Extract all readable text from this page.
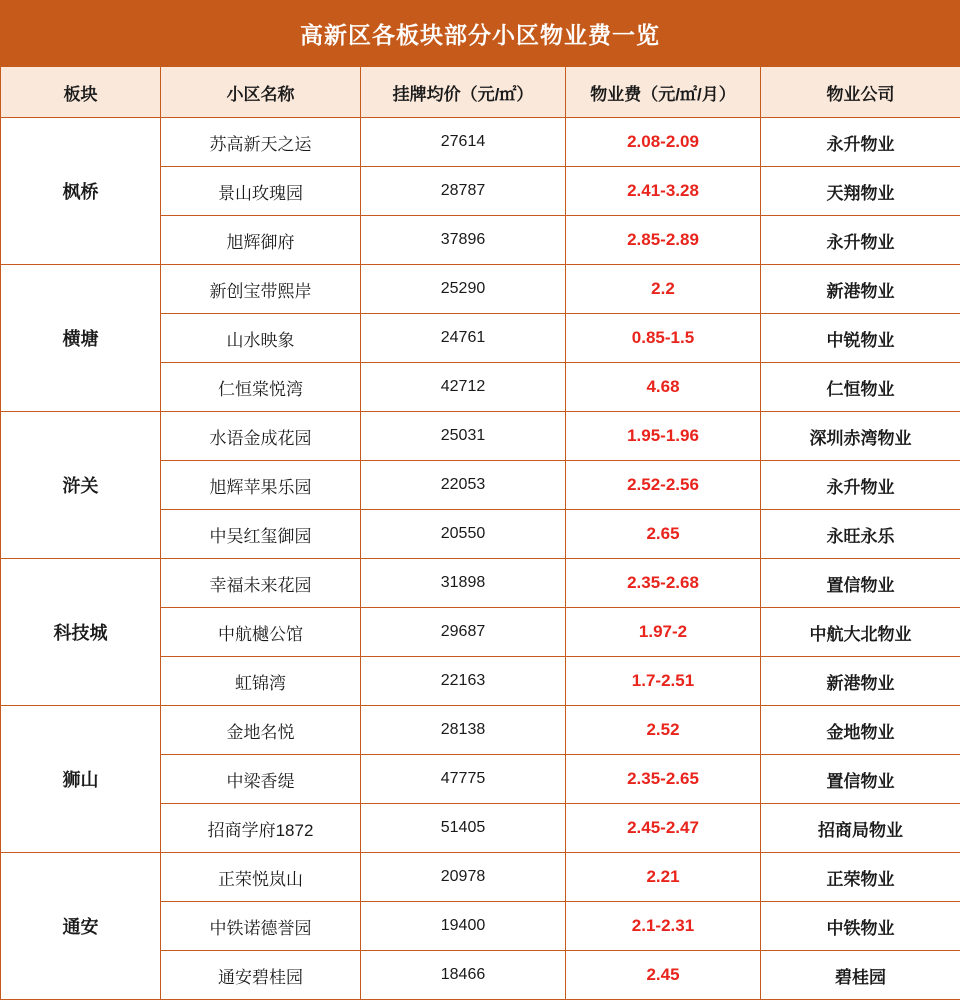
高新区各板块部分小区物业费一览
板块	小区名称	挂牌均价（元/㎡）	物业费（元/㎡/月）	物业公司
枫桥	苏高新天之运	27614	2.08-2.09	永升物业
	景山玫瑰园	28787	2.41-3.28	天翔物业
	旭辉御府	37896	2.85-2.89	永升物业
横塘	新创宝带熙岸	25290	2.2	新港物业
	山水映象	24761	0.85-1.5	中锐物业
	仁恒棠悦湾	42712	4.68	仁恒物业
浒关	水语金成花园	25031	1.95-1.96	深圳赤湾物业
	旭辉苹果乐园	22053	2.52-2.56	永升物业
	中吴红玺御园	20550	2.65	永旺永乐
科技城	幸福未来花园	31898	2.35-2.68	置信物业
	中航樾公馆	29687	1.97-2	中航大北物业
	虹锦湾	22163	1.7-2.51	新港物业
狮山	金地名悦	28138	2.52	金地物业
	中梁香缇	47775	2.35-2.65	置信物业
	招商学府1872	51405	2.45-2.47	招商局物业
通安	正荣悦岚山	20978	2.21	正荣物业
	中铁诺德誉园	19400	2.1-2.31	中铁物业
	通安碧桂园	18466	2.45	碧桂园
